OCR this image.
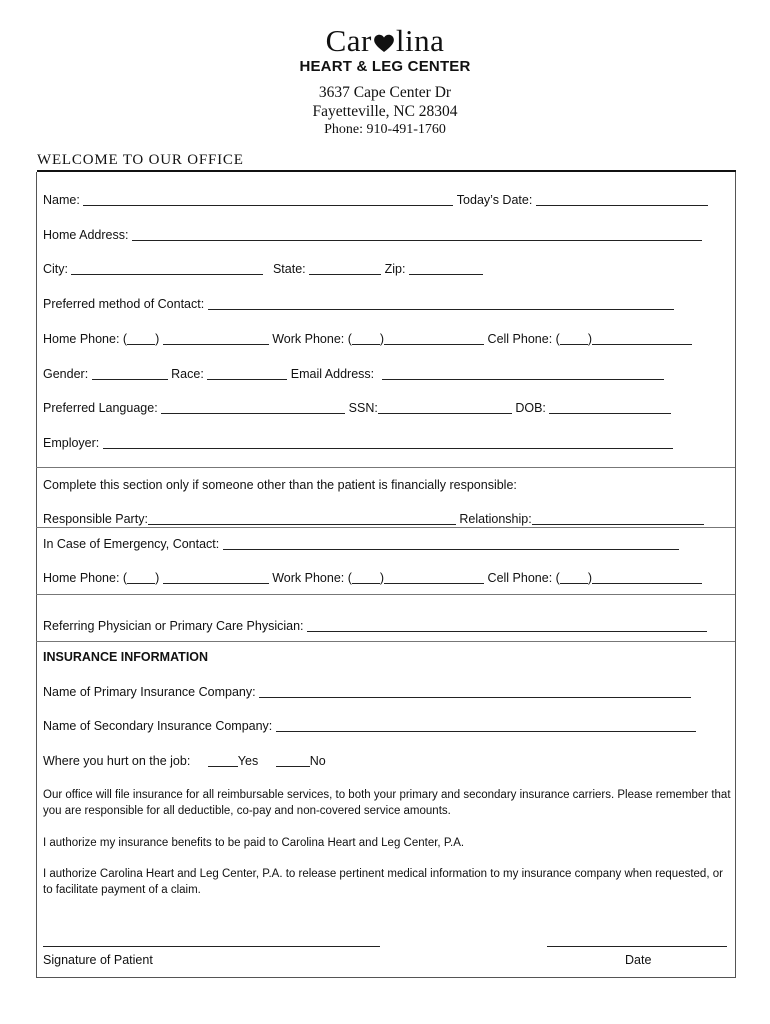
Car lina
HEART & LEG CENTER
3637 Cape Center Dr
Fayetteville, NC 28304
Phone: 910-491-1760
WELCOME TO OUR OFFICE
Name:	Today’s Date:
Home Address:
City:	State:	Zip:
Preferred method of Contact:
Home Phone: ( )	Work Phone: ( )	Cell Phone: ( )
Gender:	Race:	Email Address:
Preferred Language:	SSN:	DOB:
Employer:
Complete this section only if someone other than the patient is financially responsible:
Responsible Party:	Relationship:
In Case of Emergency, Contact:
Home Phone: ( )	Work Phone: ( )	Cell Phone: ( )
Referring Physician or Primary Care Physician:
INSURANCE INFORMATION
Name of Primary Insurance Company:
Name of Secondary Insurance Company:
Where you hurt on the job:	Yes	No
Our office will file insurance for all reimbursable services, to both your primary and secondary insurance carriers. Please remember that you are responsible for all deductible, co-pay and non-covered service amounts.
I authorize my insurance benefits to be paid to Carolina Heart and Leg Center, P.A.
I authorize Carolina Heart and Leg Center, P.A. to release pertinent medical information to my insurance company when requested, or to facilitate payment of a claim.
Signature of Patient	Date
